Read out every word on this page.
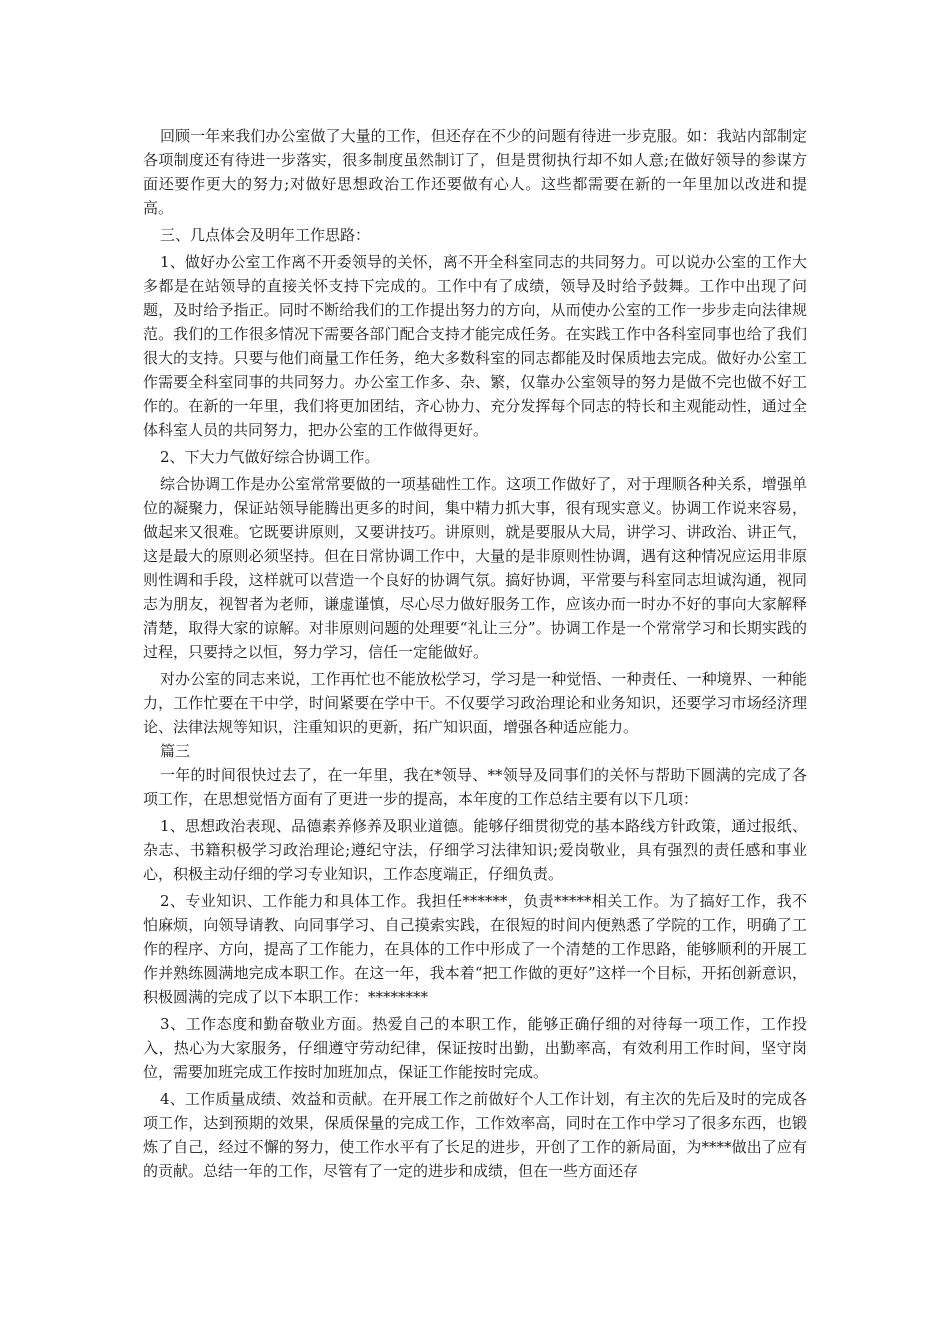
回顾一年来我们办公室做了大量的工作，但还存在不少的问题有待进一步克服。如：我站内部制定各项制度还有待进一步落实，很多制度虽然制订了，但是贯彻执行却不如人意;在做好领导的参谋方面还要作更大的努力;对做好思想政治工作还要做有心人。这些都需要在新的一年里加以改进和提高。

三、几点体会及明年工作思路：

1、做好办公室工作离不开委领导的关怀，离不开全科室同志的共同努力。可以说办公室的工作大多都是在站领导的直接关怀支持下完成的。工作中有了成绩，领导及时给予鼓舞。工作中出现了问题，及时给予指正。同时不断给我们的工作提出努力的方向，从而使办公室的工作一步步走向法律规范。我们的工作很多情况下需要各部门配合支持才能完成任务。在实践工作中各科室同事也给了我们很大的支持。只要与他们商量工作任务，绝大多数科室的同志都能及时保质地去完成。做好办公室工作需要全科室同事的共同努力。办公室工作多、杂、繁，仅靠办公室领导的努力是做不完也做不好工作的。在新的一年里，我们将更加团结，齐心协力、充分发挥每个同志的特长和主观能动性，通过全体科室人员的共同努力，把办公室的工作做得更好。

2、下大力气做好综合协调工作。

综合协调工作是办公室常常要做的一项基础性工作。这项工作做好了，对于理顺各种关系，增强单位的凝聚力，保证站领导能腾出更多的时间，集中精力抓大事，很有现实意义。协调工作说来容易，做起来又很难。它既要讲原则，又要讲技巧。讲原则，就是要服从大局，讲学习、讲政治、讲正气，这是最大的原则必须坚持。但在日常协调工作中，大量的是非原则性协调，遇有这种情况应运用非原则性调和手段，这样就可以营造一个良好的协调气氛。搞好协调，平常要与科室同志坦诚沟通，视同志为朋友，视智者为老师，谦虚谨慎，尽心尽力做好服务工作，应该办而一时办不好的事向大家解释清楚，取得大家的谅解。对非原则问题的处理要“礼让三分”。协调工作是一个常常学习和长期实践的过程，只要持之以恒，努力学习，信任一定能做好。

对办公室的同志来说，工作再忙也不能放松学习，学习是一种觉悟、一种责任、一种境界、一种能力，工作忙要在干中学，时间紧要在学中干。不仅要学习政治理论和业务知识，还要学习市场经济理论、法律法规等知识，注重知识的更新，拓广知识面，增强各种适应能力。

篇三

一年的时间很快过去了，在一年里，我在*领导、**领导及同事们的关怀与帮助下圆满的完成了各项工作，在思想觉悟方面有了更进一步的提高，本年度的工作总结主要有以下几项：

1、思想政治表现、品德素养修养及职业道德。能够仔细贯彻党的基本路线方针政策，通过报纸、杂志、书籍积极学习政治理论;遵纪守法，仔细学习法律知识;爱岗敬业，具有强烈的责任感和事业心，积极主动仔细的学习专业知识，工作态度端正，仔细负责。

2、专业知识、工作能力和具体工作。我担任******，负责*****相关工作。为了搞好工作，我不怕麻烦，向领导请教、向同事学习、自己摸索实践，在很短的时间内便熟悉了学院的工作，明确了工作的程序、方向，提高了工作能力，在具体的工作中形成了一个清楚的工作思路，能够顺利的开展工作并熟练圆满地完成本职工作。在这一年，我本着“把工作做的更好”这样一个目标，开拓创新意识，积极圆满的完成了以下本职工作：********

3、工作态度和勤奋敬业方面。热爱自己的本职工作，能够正确仔细的对待每一项工作，工作投入，热心为大家服务，仔细遵守劳动纪律，保证按时出勤，出勤率高，有效利用工作时间，坚守岗位，需要加班完成工作按时加班加点，保证工作能按时完成。

4、工作质量成绩、效益和贡献。在开展工作之前做好个人工作计划，有主次的先后及时的完成各项工作，达到预期的效果，保质保量的完成工作，工作效率高，同时在工作中学习了很多东西，也锻炼了自己，经过不懈的努力，使工作水平有了长足的进步，开创了工作的新局面，为****做出了应有的贡献。总结一年的工作，尽管有了一定的进步和成绩，但在一些方面还存
